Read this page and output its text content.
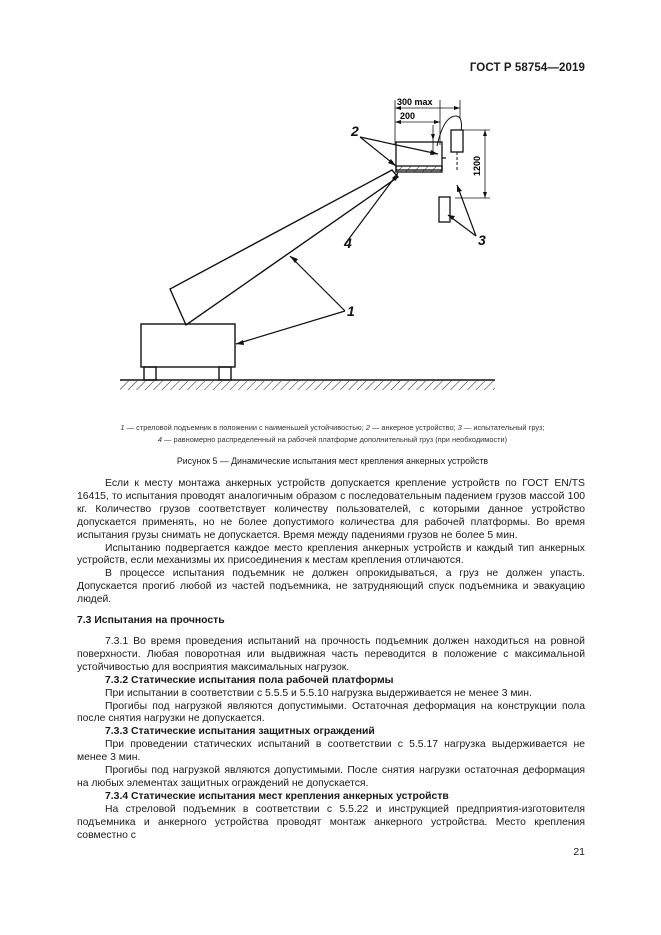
ГОСТ Р 58754—2019
300 max
200
1200
2
3
4
1
1 — стреловой подъемник в положении с наименьшей устойчивостью; 2 — анкерное устройство; 3 — испытательный груз;
4 — равномерно распределенный на рабочей платформе дополнительный груз (при необходимости)
Рисунок 5 — Динамические испытания мест крепления анкерных устройств

Если к месту монтажа анкерных устройств допускается крепление устройств по ГОСТ EN/TS 16415, то испытания проводят аналогичным образом с последовательным падением грузов массой 100 кг. Количество грузов соответствует количеству пользователей, с которыми данное устройство допускается применять, но не более допустимого количества для рабочей платформы. Во время испытания грузы снимать не допускается. Время между падениями грузов не более 5 мин.

Испытанию подвергается каждое место крепления анкерных устройств и каждый тип анкерных устройств, если механизмы их присоединения к местам крепления отличаются.

В процессе испытания подъемник не должен опрокидываться, а груз не должен упасть. Допускается прогиб любой из частей подъемника, не затрудняющий спуск подъемника и эвакуацию людей.

7.3 Испытания на прочность

7.3.1 Во время проведения испытаний на прочность подъемник должен находиться на ровной поверхности. Любая поворотная или выдвижная часть переводится в положение с максимальной устойчивостью для восприятия максимальных нагрузок.

7.3.2 Статические испытания пола рабочей платформы

При испытании в соответствии с 5.5.5 и 5.5.10 нагрузка выдерживается не менее 3 мин.

Прогибы под нагрузкой являются допустимыми. Остаточная деформация на конструкции пола после снятия нагрузки не допускается.

7.3.3 Статические испытания защитных ограждений

При проведении статических испытаний в соответствии с 5.5.17 нагрузка выдерживается не менее 3 мин.

Прогибы под нагрузкой являются допустимыми. После снятия нагрузки остаточная деформация на любых элементах защитных ограждений не допускается.

7.3.4 Статические испытания мест крепления анкерных устройств

На стреловой подъемник в соответствии с 5.5.22 и инструкцией предприятия-изготовителя подъемника и анкерного устройства проводят монтаж анкерного устройства. Место крепления совместно с

21
